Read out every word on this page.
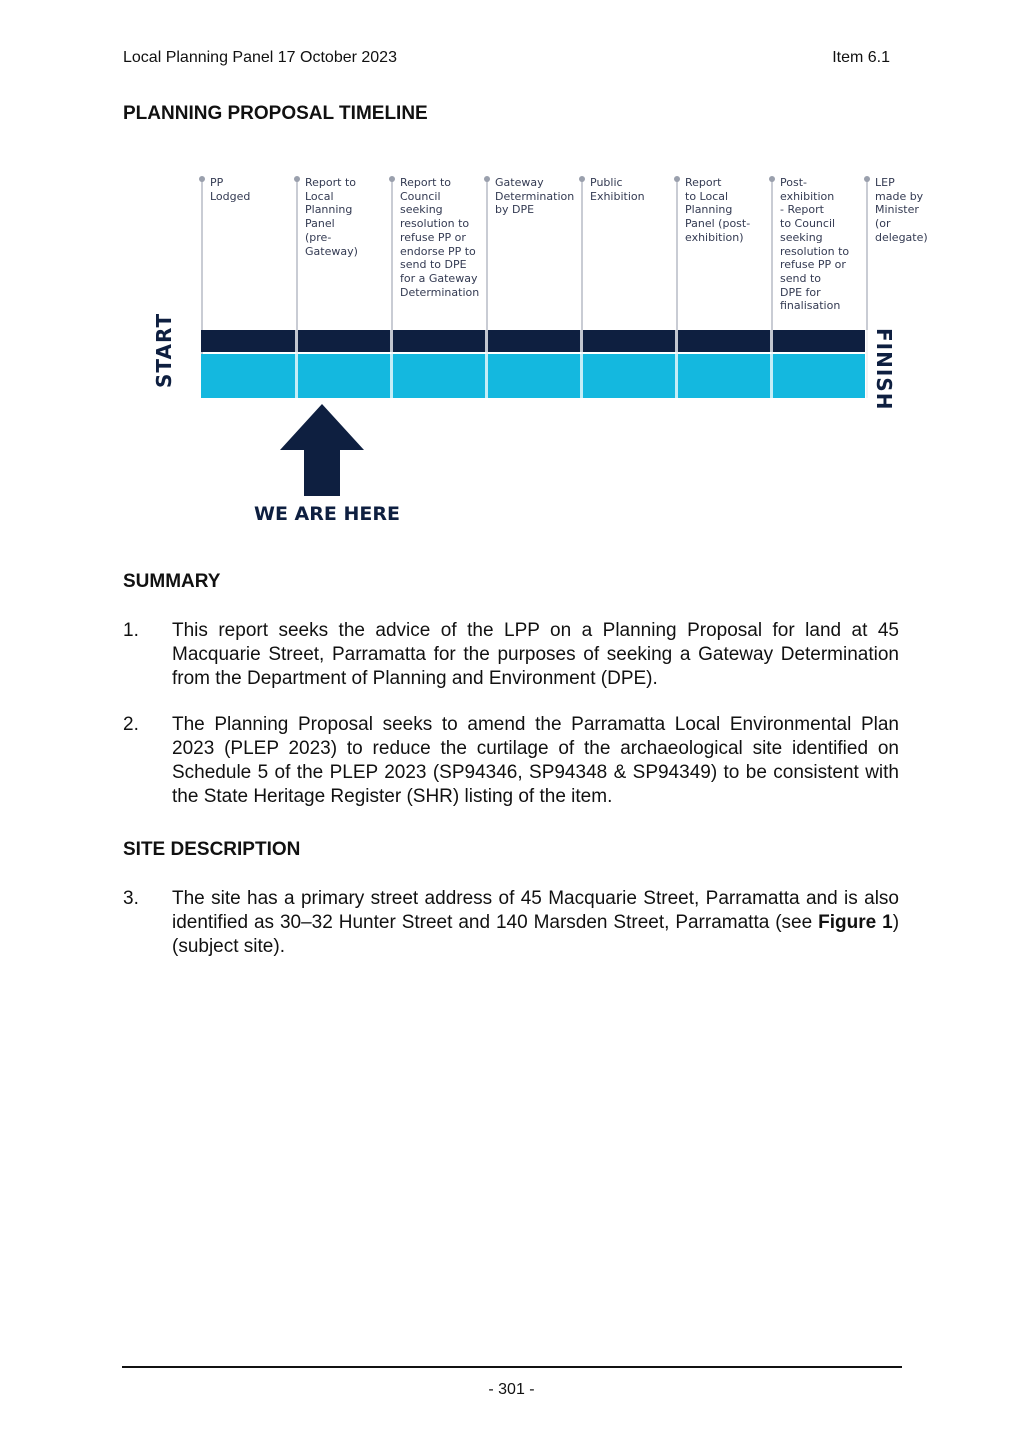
Local Planning Panel 17 October 2023	Item 6.1
PLANNING PROPOSAL TIMELINE
PP
Lodged
Report to
Local
Planning
Panel
(pre-
Gateway)
Report to
Council
seeking
resolution to
refuse PP or
endorse PP to
send to DPE
for a Gateway
Determination
Gateway
Determination
by DPE
Public
Exhibition
Report
to Local
Planning
Panel (post-
exhibition)
Post-
exhibition
- Report
to Council
seeking
resolution to
refuse PP or
send to
DPE for
finalisation
LEP
made by
Minister
(or
delegate)
START	FINISH
WE ARE HERE
SUMMARY
1. This report seeks the advice of the LPP on a Planning Proposal for land at 45 Macquarie Street, Parramatta for the purposes of seeking a Gateway Determination from the Department of Planning and Environment (DPE).
2. The Planning Proposal seeks to amend the Parramatta Local Environmental Plan 2023 (PLEP 2023) to reduce the curtilage of the archaeological site identified on Schedule 5 of the PLEP 2023 (SP94346, SP94348 & SP94349) to be consistent with the State Heritage Register (SHR) listing of the item.
SITE DESCRIPTION
3. The site has a primary street address of 45 Macquarie Street, Parramatta and is also identified as 30–32 Hunter Street and 140 Marsden Street, Parramatta (see Figure 1) (subject site).
- 301 -
